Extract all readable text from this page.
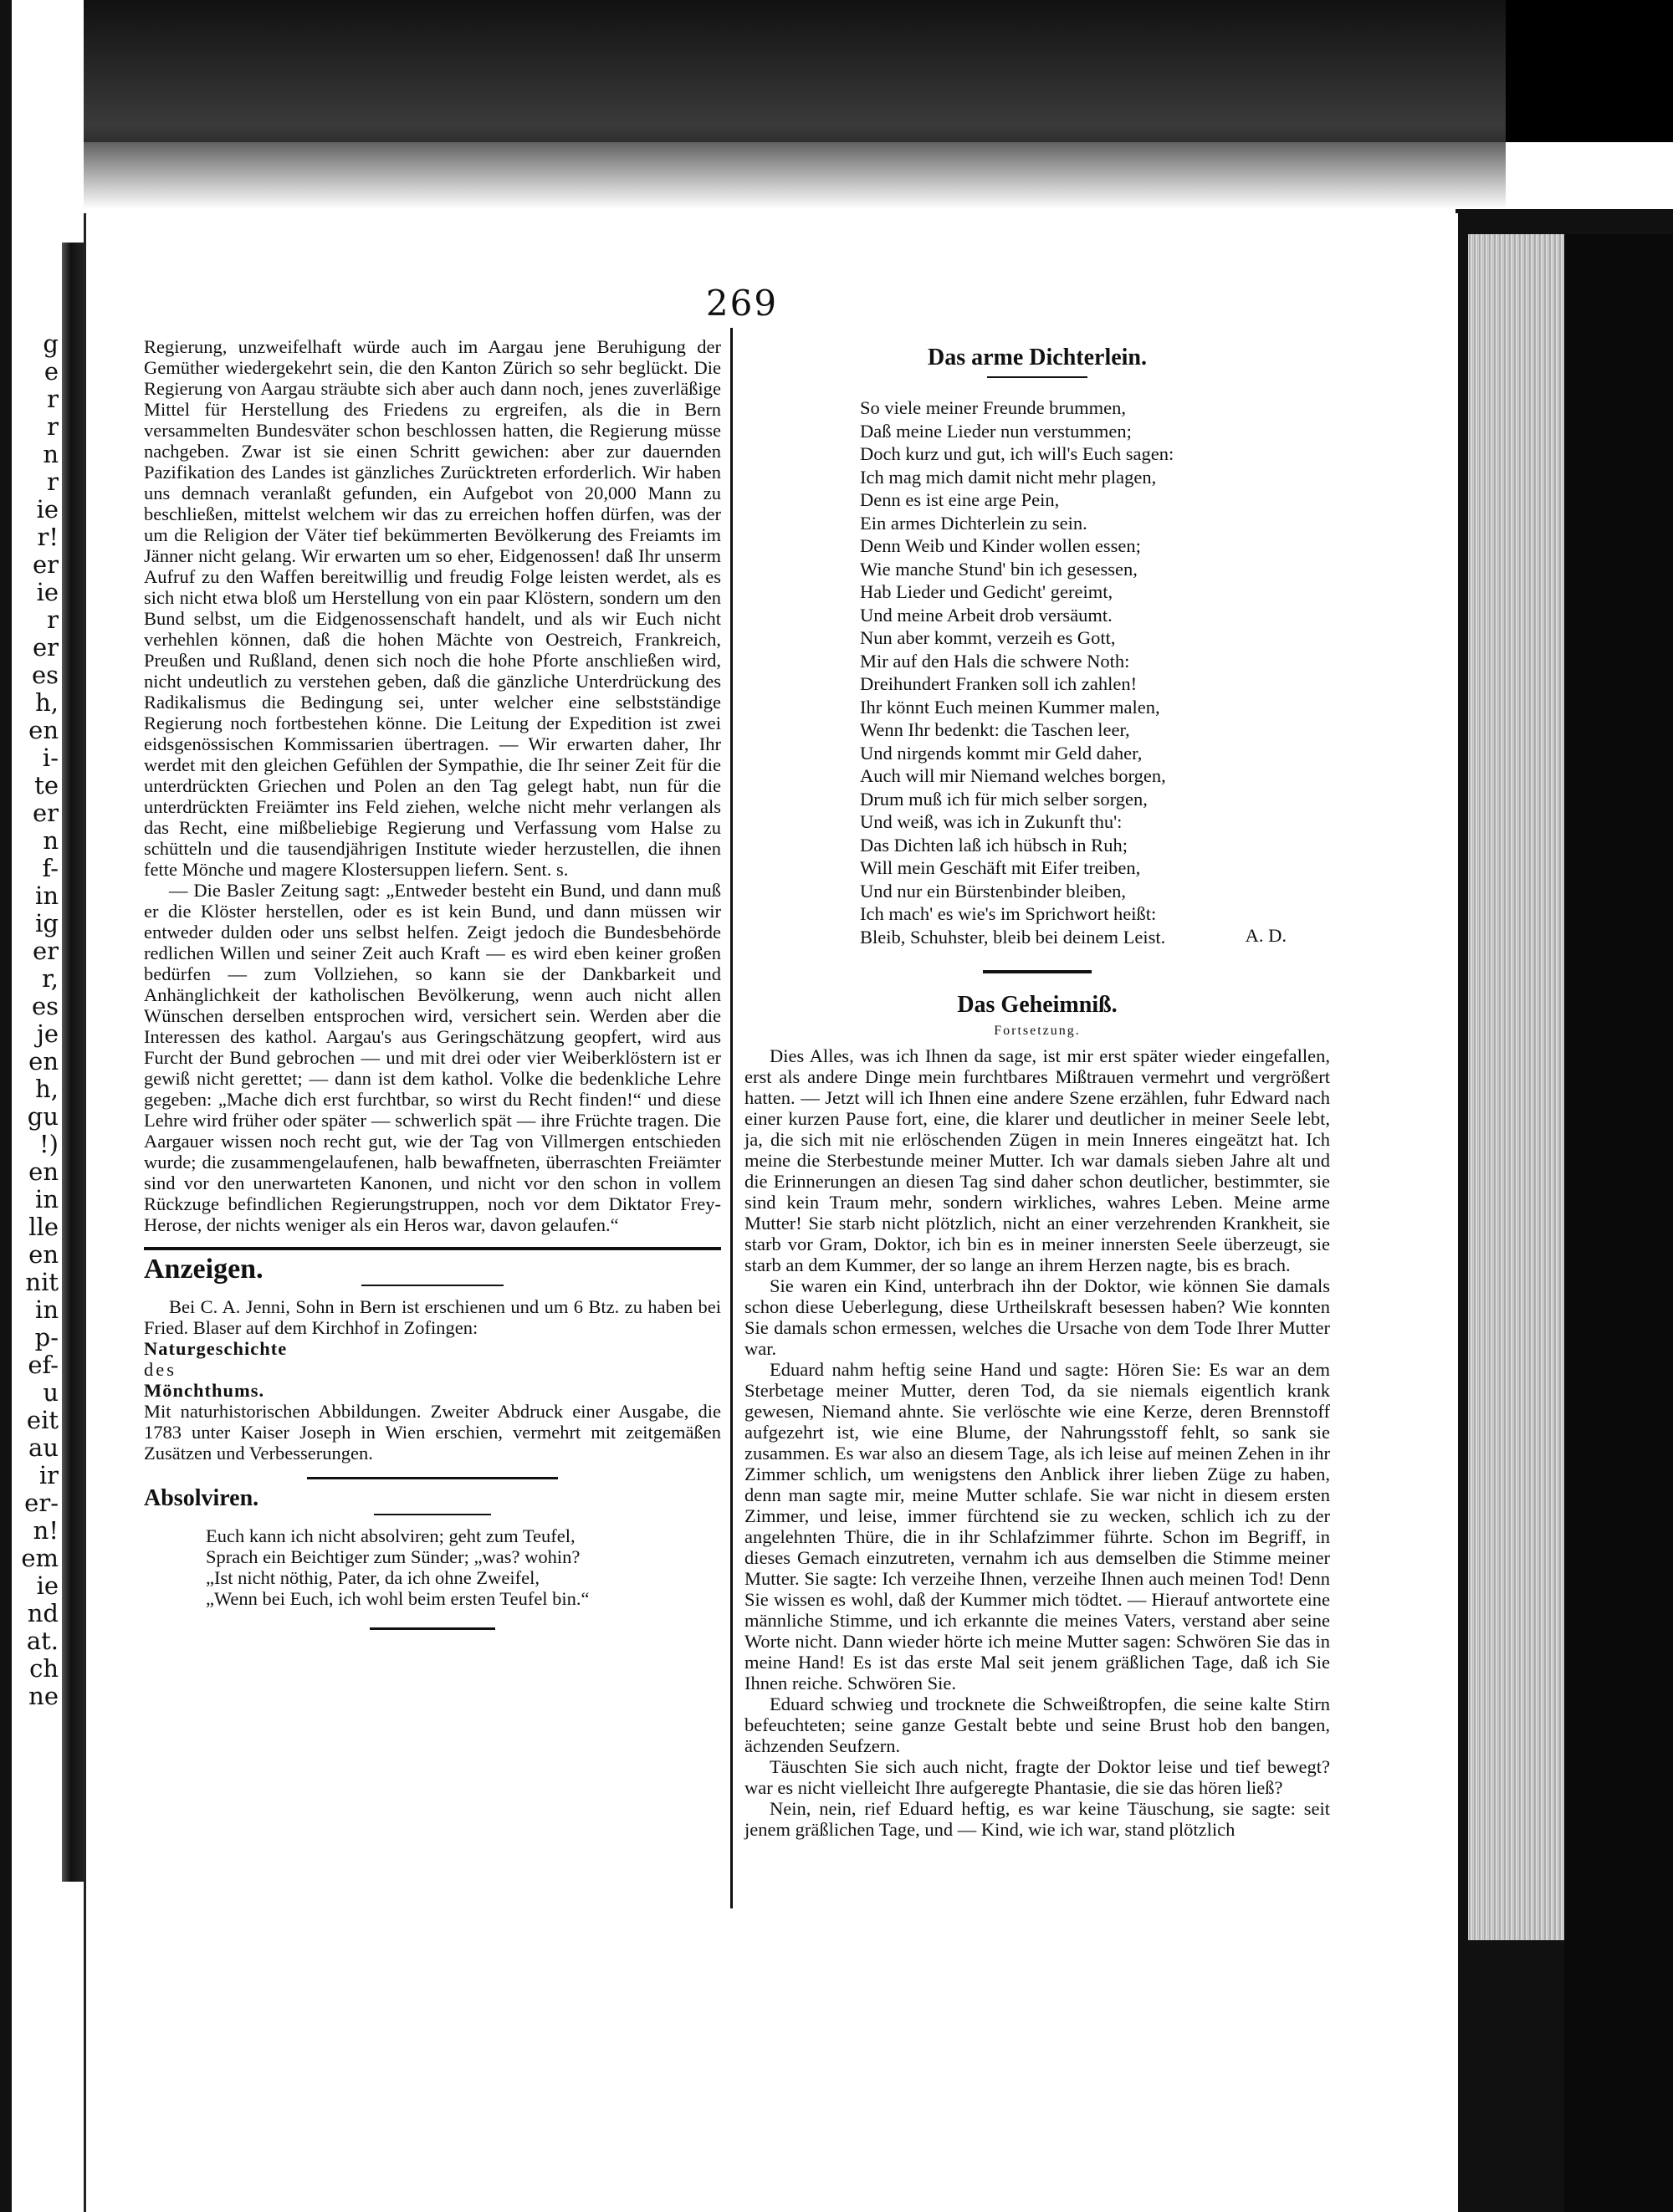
g
e
r
r
n
r
ie
r!
er
ie
r
er
es
h,
en
i-
te
er
n
f-
in
ig
er
r,
es
je
en
h,
gu
!)
en
in
lle
en
nit
in
p-
ef-
u
eit
au
ir
er-
n!
em
ie
nd
at.
ch
ne
269

Regierung, unzweifelhaft würde auch im Aargau jene Beruhigung der Gemüther wiedergekehrt sein, die den Kanton Zürich so sehr beglückt. Die Regierung von Aargau sträubte sich aber auch dann noch, jenes zuverläßige Mittel für Herstellung des Friedens zu ergreifen, als die in Bern versammelten Bundesväter schon beschlossen hatten, die Regierung müsse nachgeben. Zwar ist sie einen Schritt gewichen: aber zur dauernden Pazifikation des Landes ist gänzliches Zurücktreten erforderlich. Wir haben uns demnach veranlaßt gefunden, ein Aufgebot von 20,000 Mann zu beschließen, mittelst welchem wir das zu erreichen hoffen dürfen, was der um die Religion der Väter tief bekümmerten Bevölkerung des Freiamts im Jänner nicht gelang. Wir erwarten um so eher, Eidgenossen! daß Ihr unserm Aufruf zu den Waffen bereitwillig und freudig Folge leisten werdet, als es sich nicht etwa bloß um Herstellung von ein paar Klöstern, sondern um den Bund selbst, um die Eidgenossenschaft handelt, und als wir Euch nicht verhehlen können, daß die hohen Mächte von Oestreich, Frankreich, Preußen und Rußland, denen sich noch die hohe Pforte anschließen wird, nicht undeutlich zu verstehen geben, daß die gänzliche Unterdrückung des Radikalismus die Bedingung sei, unter welcher eine selbstständige Regierung noch fortbestehen könne. Die Leitung der Expedition ist zwei eidsgenössischen Kommissarien übertragen. — Wir erwarten daher, Ihr werdet mit den gleichen Gefühlen der Sympathie, die Ihr seiner Zeit für die unterdrückten Griechen und Polen an den Tag gelegt habt, nun für die unterdrückten Freiämter ins Feld ziehen, welche nicht mehr verlangen als das Recht, eine mißbeliebige Regierung und Verfassung vom Halse zu schütteln und die tausendjährigen Institute wieder herzustellen, die ihnen fette Mönche und magere Klostersuppen liefern. Sent. s.

— Die Basler Zeitung sagt: „Entweder besteht ein Bund, und dann muß er die Klöster herstellen, oder es ist kein Bund, und dann müssen wir entweder dulden oder uns selbst helfen. Zeigt jedoch die Bundesbehörde redlichen Willen und seiner Zeit auch Kraft — es wird eben keiner großen bedürfen — zum Vollziehen, so kann sie der Dankbarkeit und Anhänglichkeit der katholischen Bevölkerung, wenn auch nicht allen Wünschen derselben entsprochen wird, versichert sein. Werden aber die Interessen des kathol. Aargau's aus Geringschätzung geopfert, wird aus Furcht der Bund gebrochen — und mit drei oder vier Weiberklöstern ist er gewiß nicht gerettet; — dann ist dem kathol. Volke die bedenkliche Lehre gegeben: „Mache dich erst furchtbar, so wirst du Recht finden!“ und diese Lehre wird früher oder später — schwerlich spät — ihre Früchte tragen. Die Aargauer wissen noch recht gut, wie der Tag von Villmergen entschieden wurde; die zusammengelaufenen, halb bewaffneten, überraschten Freiämter sind vor den unerwarteten Kanonen, und nicht vor den schon in vollem Rückzuge befindlichen Regierungstruppen, noch vor dem Diktator Frey-Herose, der nichts weniger als ein Heros war, davon gelaufen.“

Anzeigen.

Bei C. A. Jenni, Sohn in Bern ist erschienen und um 6 Btz. zu haben bei Fried. Blaser auf dem Kirchhof in Zofingen:

Naturgeschichte

des

Mönchthums.

Mit naturhistorischen Abbildungen. Zweiter Abdruck einer Ausgabe, die 1783 unter Kaiser Joseph in Wien erschien, vermehrt mit zeitgemäßen Zusätzen und Verbesserungen.

Absolviren.

Euch kann ich nicht absolviren; geht zum Teufel,
Sprach ein Beichtiger zum Sünder; „was? wohin?
„Ist nicht nöthig, Pater, da ich ohne Zweifel,
„Wenn bei Euch, ich wohl beim ersten Teufel bin.“

Das arme Dichterlein.

So viele meiner Freunde brummen,
Daß meine Lieder nun verstummen;
Doch kurz und gut, ich will's Euch sagen:
Ich mag mich damit nicht mehr plagen,
Denn es ist eine arge Pein,
Ein armes Dichterlein zu sein.
Denn Weib und Kinder wollen essen;
Wie manche Stund' bin ich gesessen,
Hab Lieder und Gedicht' gereimt,
Und meine Arbeit drob versäumt.
Nun aber kommt, verzeih es Gott,
Mir auf den Hals die schwere Noth:
Dreihundert Franken soll ich zahlen!
Ihr könnt Euch meinen Kummer malen,
Wenn Ihr bedenkt: die Taschen leer,
Und nirgends kommt mir Geld daher,
Auch will mir Niemand welches borgen,
Drum muß ich für mich selber sorgen,
Und weiß, was ich in Zukunft thu':
Das Dichten laß ich hübsch in Ruh;
Will mein Geschäft mit Eifer treiben,
Und nur ein Bürstenbinder bleiben,
Ich mach' es wie's im Sprichwort heißt:
Bleib, Schuhster, bleib bei deinem Leist.	A. D.

Das Geheimniß.

Fortsetzung.

Dies Alles, was ich Ihnen da sage, ist mir erst später wieder eingefallen, erst als andere Dinge mein furchtbares Mißtrauen vermehrt und vergrößert hatten. — Jetzt will ich Ihnen eine andere Szene erzählen, fuhr Edward nach einer kurzen Pause fort, eine, die klarer und deutlicher in meiner Seele lebt, ja, die sich mit nie erlöschenden Zügen in mein Inneres eingeätzt hat. Ich meine die Sterbestunde meiner Mutter. Ich war damals sieben Jahre alt und die Erinnerungen an diesen Tag sind daher schon deutlicher, bestimmter, sie sind kein Traum mehr, sondern wirkliches, wahres Leben. Meine arme Mutter! Sie starb nicht plötzlich, nicht an einer verzehrenden Krankheit, sie starb vor Gram, Doktor, ich bin es in meiner innersten Seele überzeugt, sie starb an dem Kummer, der so lange an ihrem Herzen nagte, bis es brach.

Sie waren ein Kind, unterbrach ihn der Doktor, wie können Sie damals schon diese Ueberlegung, diese Urtheilskraft besessen haben? Wie konnten Sie damals schon ermessen, welches die Ursache von dem Tode Ihrer Mutter war.

Eduard nahm heftig seine Hand und sagte: Hören Sie: Es war an dem Sterbetage meiner Mutter, deren Tod, da sie niemals eigentlich krank gewesen, Niemand ahnte. Sie verlöschte wie eine Kerze, deren Brennstoff aufgezehrt ist, wie eine Blume, der Nahrungsstoff fehlt, so sank sie zusammen. Es war also an diesem Tage, als ich leise auf meinen Zehen in ihr Zimmer schlich, um wenigstens den Anblick ihrer lieben Züge zu haben, denn man sagte mir, meine Mutter schlafe. Sie war nicht in diesem ersten Zimmer, und leise, immer fürchtend sie zu wecken, schlich ich zu der angelehnten Thüre, die in ihr Schlafzimmer führte. Schon im Begriff, in dieses Gemach einzutreten, vernahm ich aus demselben die Stimme meiner Mutter. Sie sagte: Ich verzeihe Ihnen, verzeihe Ihnen auch meinen Tod! Denn Sie wissen es wohl, daß der Kummer mich tödtet. — Hierauf antwortete eine männliche Stimme, und ich erkannte die meines Vaters, verstand aber seine Worte nicht. Dann wieder hörte ich meine Mutter sagen: Schwören Sie das in meine Hand! Es ist das erste Mal seit jenem gräßlichen Tage, daß ich Sie Ihnen reiche. Schwören Sie.

Eduard schwieg und trocknete die Schweißtropfen, die seine kalte Stirn befeuchteten; seine ganze Gestalt bebte und seine Brust hob den bangen, ächzenden Seufzern.

Täuschten Sie sich auch nicht, fragte der Doktor leise und tief bewegt? war es nicht vielleicht Ihre aufgeregte Phantasie, die sie das hören ließ?

Nein, nein, rief Eduard heftig, es war keine Täuschung, sie sagte: seit jenem gräßlichen Tage, und — Kind, wie ich war, stand plötzlich
